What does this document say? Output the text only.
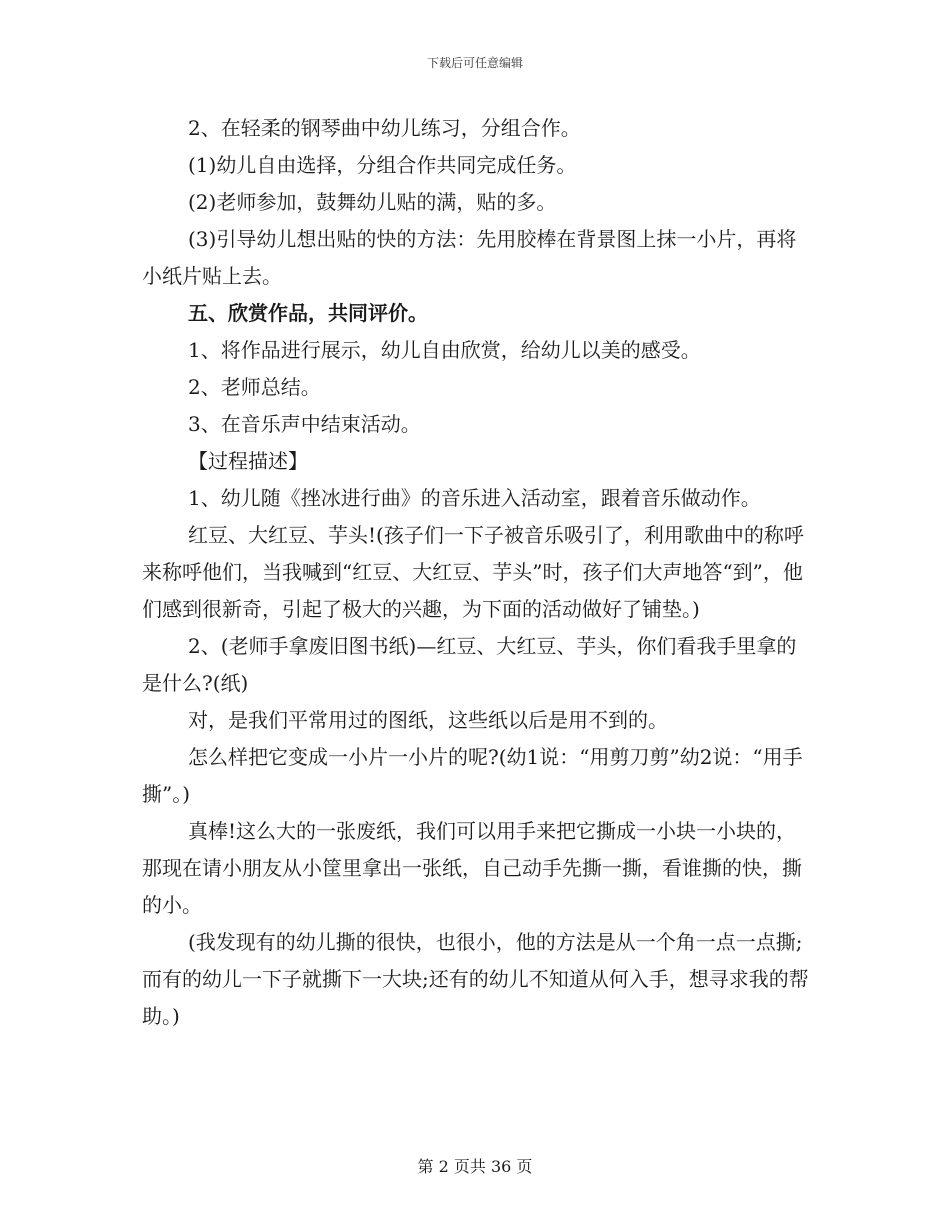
下载后可任意编辑

2、在轻柔的钢琴曲中幼儿练习，分组合作。

(1)幼儿自由选择，分组合作共同完成任务。

(2)老师参加，鼓舞幼儿贴的满，贴的多。

(3)引导幼儿想出贴的快的方法：先用胶棒在背景图上抹一小片，再将小纸片贴上去。

五、欣赏作品，共同评价。

1、将作品进行展示，幼儿自由欣赏，给幼儿以美的感受。

2、老师总结。

3、在音乐声中结束活动。

【过程描述】

1、幼儿随《挫冰进行曲》的音乐进入活动室，跟着音乐做动作。

红豆、大红豆、芋头!(孩子们一下子被音乐吸引了，利用歌曲中的称呼来称呼他们，当我喊到“红豆、大红豆、芋头”时，孩子们大声地答“到”，他们感到很新奇，引起了极大的兴趣，为下面的活动做好了铺垫。)

2、(老师手拿废旧图书纸)—红豆、大红豆、芋头，你们看我手里拿的是什么?(纸)

对，是我们平常用过的图纸，这些纸以后是用不到的。

怎么样把它变成一小片一小片的呢?(幼1说：“用剪刀剪”幼2说：“用手撕”。)

真棒!这么大的一张废纸，我们可以用手来把它撕成一小块一小块的，那现在请小朋友从小筐里拿出一张纸，自己动手先撕一撕，看谁撕的快，撕的小。

(我发现有的幼儿撕的很快，也很小，他的方法是从一个角一点一点撕;而有的幼儿一下子就撕下一大块;还有的幼儿不知道从何入手，想寻求我的帮助。)

第 2 页共 36 页
